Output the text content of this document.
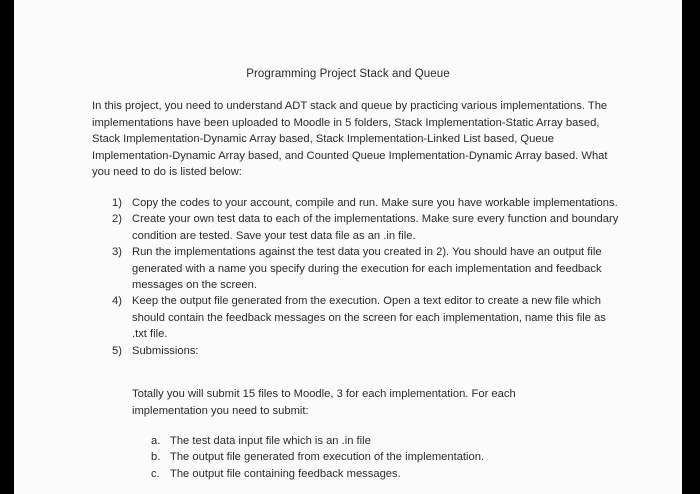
Programming Project Stack and Queue
In this project, you need to understand ADT stack and queue by practicing various implementations. The implementations have been uploaded to Moodle in 5 folders, Stack Implementation-Static Array based, Stack Implementation-Dynamic Array based, Stack Implementation-Linked List based, Queue Implementation-Dynamic Array based, and Counted Queue Implementation-Dynamic Array based. What you need to do is listed below:
1) Copy the codes to your account, compile and run. Make sure you have workable implementations.
2) Create your own test data to each of the implementations. Make sure every function and boundary condition are tested. Save your test data file as an .in file.
3) Run the implementations against the test data you created in 2). You should have an output file generated with a name you specify during the execution for each implementation and feedback messages on the screen.
4) Keep the output file generated from the execution. Open a text editor to create a new file which should contain the feedback messages on the screen for each implementation, name this file as .txt file.
5) Submissions:
Totally you will submit 15 files to Moodle, 3 for each implementation. For each implementation you need to submit:
a. The test data input file which is an .in file
b. The output file generated from execution of the implementation.
c. The output file containing feedback messages.
